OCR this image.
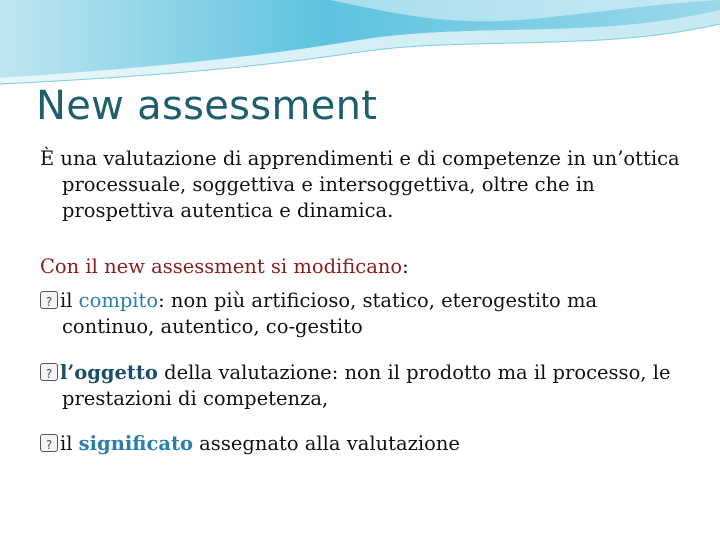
New assessment

È una valutazione di apprendimenti e di competenze in un’ottica processuale, soggettiva e intersoggettiva, oltre che in prospettiva autentica e dinamica.

Con il new assessment si modificano:

?il compito: non più artificioso, statico, eterogestito ma continuo, autentico, co-gestito

?l’oggetto della valutazione: non il prodotto ma il processo, le prestazioni di competenza,

?il significato assegnato alla valutazione
